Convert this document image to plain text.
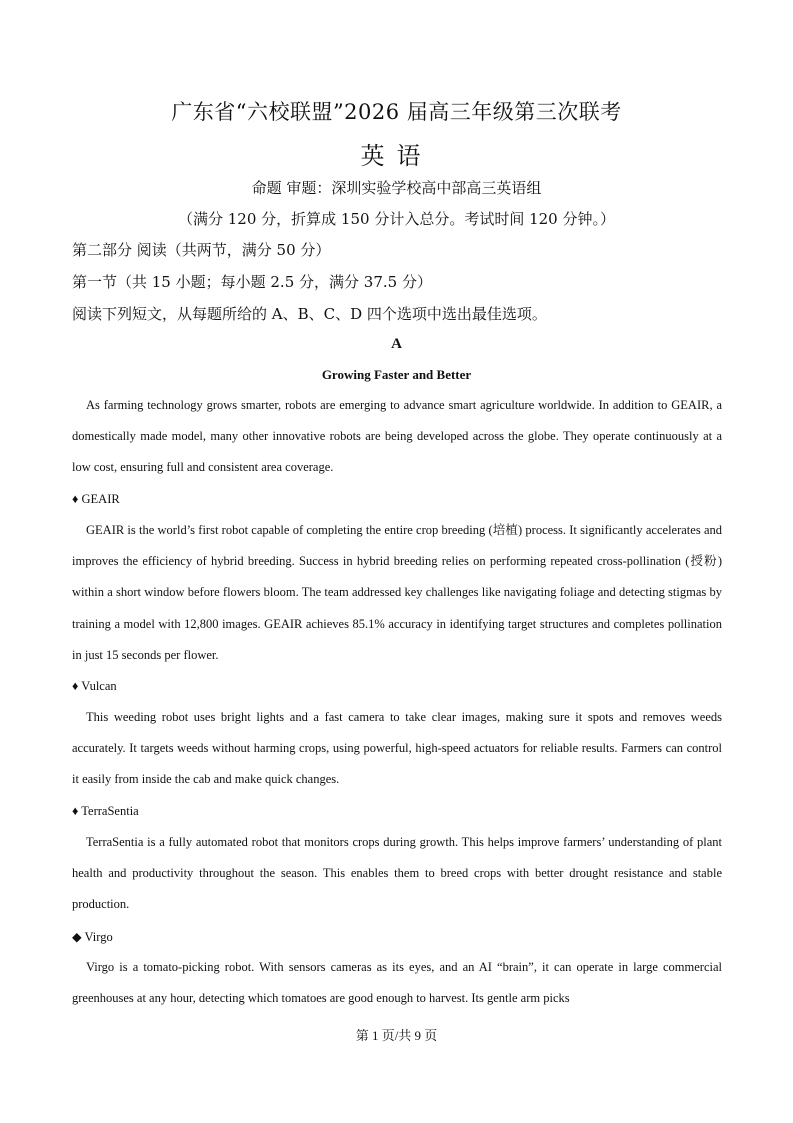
广东省“六校联盟”2026 届高三年级第三次联考
英语
命题 审题：深圳实验学校高中部高三英语组
（满分 120 分，折算成 150 分计入总分。考试时间 120 分钟。）
第二部分 阅读（共两节，满分 50 分）
第一节（共 15 小题；每小题 2.5 分，满分 37.5 分）
阅读下列短文，从每题所给的 A、B、C、D 四个选项中选出最佳选项。
A
Growing Faster and Better

As farming technology grows smarter, robots are emerging to advance smart agriculture worldwide. In addition to GEAIR, a domestically made model, many other innovative robots are being developed across the globe. They operate continuously at a low cost, ensuring full and consistent area coverage.

♦ GEAIR

GEAIR is the world’s first robot capable of completing the entire crop breeding (培植) process. It significantly accelerates and improves the efficiency of hybrid breeding. Success in hybrid breeding relies on performing repeated cross-pollination (授粉) within a short window before flowers bloom. The team addressed key challenges like navigating foliage and detecting stigmas by training a model with 12,800 images. GEAIR achieves 85.1% accuracy in identifying target structures and completes pollination in just 15 seconds per flower.

♦ Vulcan

This weeding robot uses bright lights and a fast camera to take clear images, making sure it spots and removes weeds accurately. It targets weeds without harming crops, using powerful, high-speed actuators for reliable results. Farmers can control it easily from inside the cab and make quick changes.

♦ TerraSentia

TerraSentia is a fully automated robot that monitors crops during growth. This helps improve farmers’ understanding of plant health and productivity throughout the season. This enables them to breed crops with better drought resistance and stable production.

◆ Virgo

Virgo is a tomato-picking robot. With sensors cameras as its eyes, and an AI “brain”, it can operate in large commercial greenhouses at any hour, detecting which tomatoes are good enough to harvest. Its gentle arm picks

第 1 页/共 9 页
